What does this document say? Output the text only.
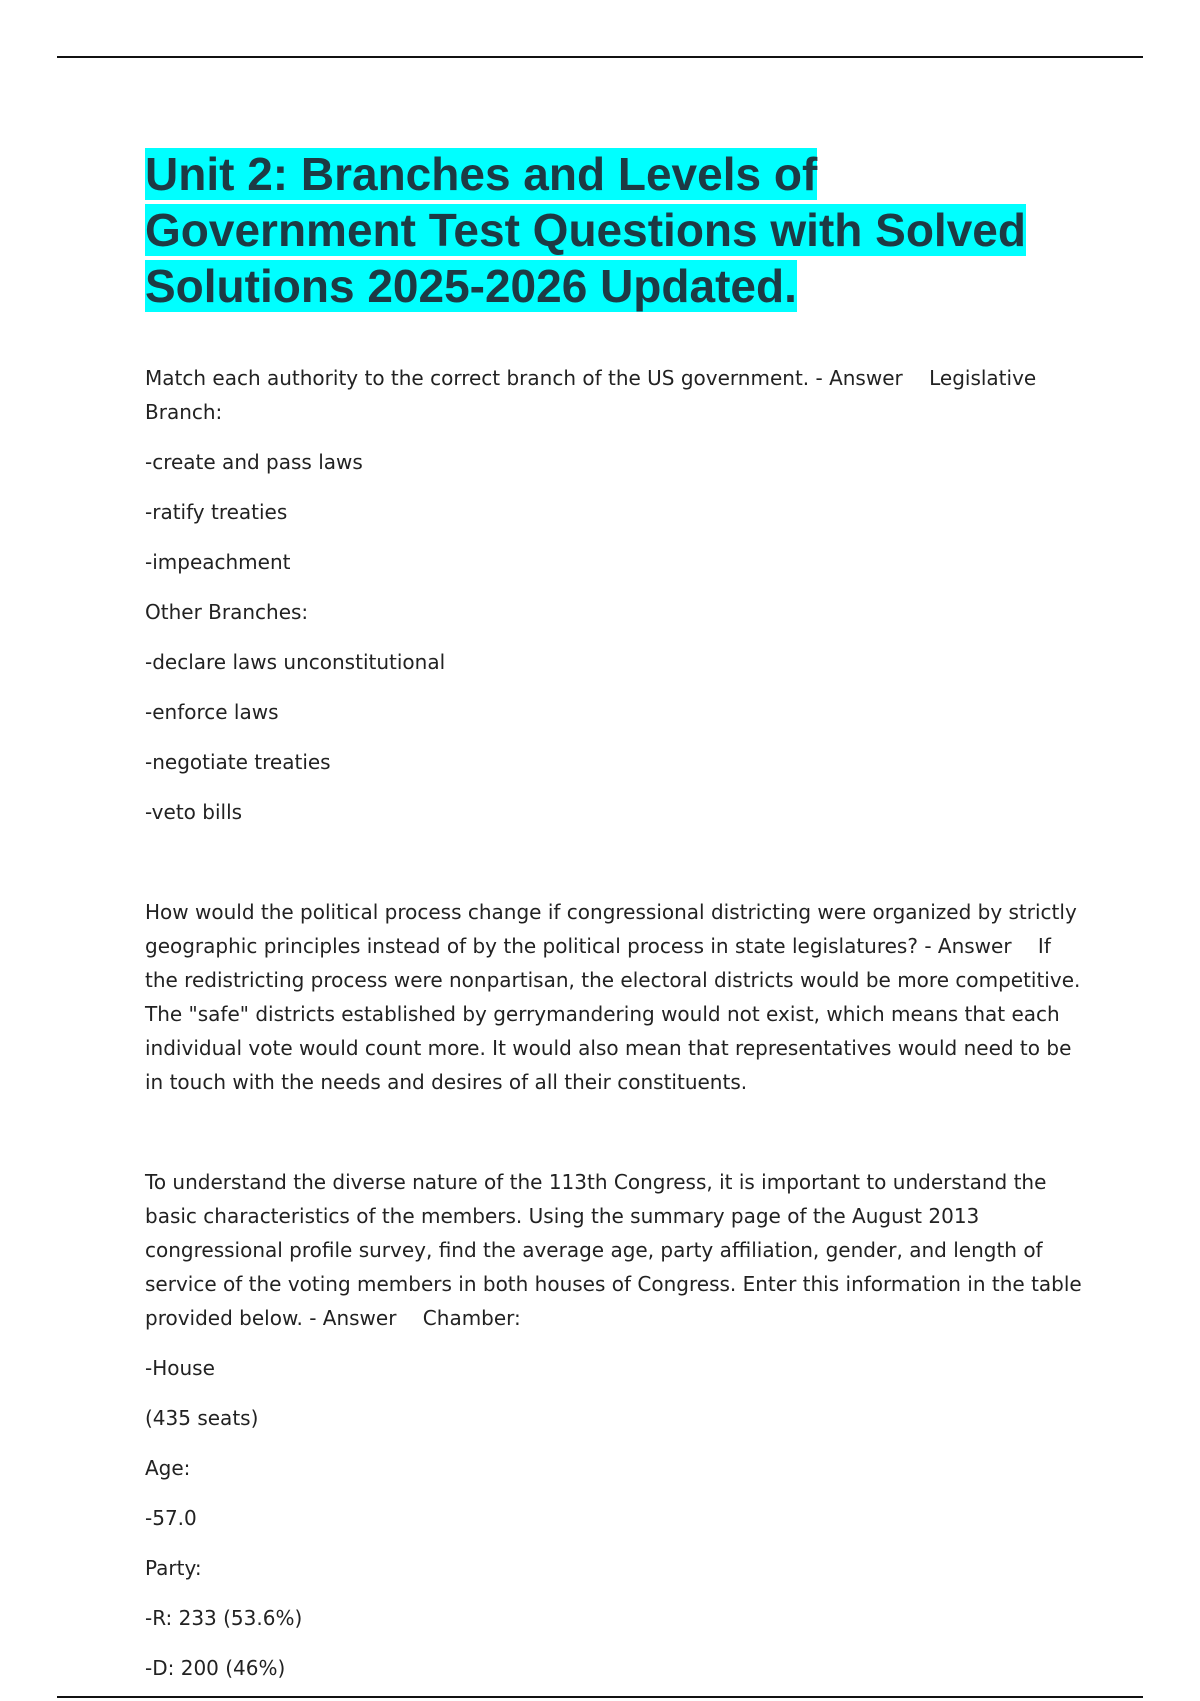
Unit 2: Branches and Levels of Government Test Questions with Solved Solutions 2025-2026 Updated.

Match each authority to the correct branch of the US government. - Answer Legislative Branch:

-create and pass laws

-ratify treaties

-impeachment

Other Branches:

-declare laws unconstitutional

-enforce laws

-negotiate treaties

-veto bills

How would the political process change if congressional districting were organized by strictly geographic principles instead of by the political process in state legislatures? - Answer If the redistricting process were nonpartisan, the electoral districts would be more competitive. The "safe" districts established by gerrymandering would not exist, which means that each individual vote would count more. It would also mean that representatives would need to be in touch with the needs and desires of all their constituents.

To understand the diverse nature of the 113th Congress, it is important to understand the basic characteristics of the members. Using the summary page of the August 2013 congressional profile survey, find the average age, party affiliation, gender, and length of service of the voting members in both houses of Congress. Enter this information in the table provided below. - Answer Chamber:

-House

(435 seats)

Age:

-57.0

Party:

-R: 233 (53.6%)

-D: 200 (46%)
